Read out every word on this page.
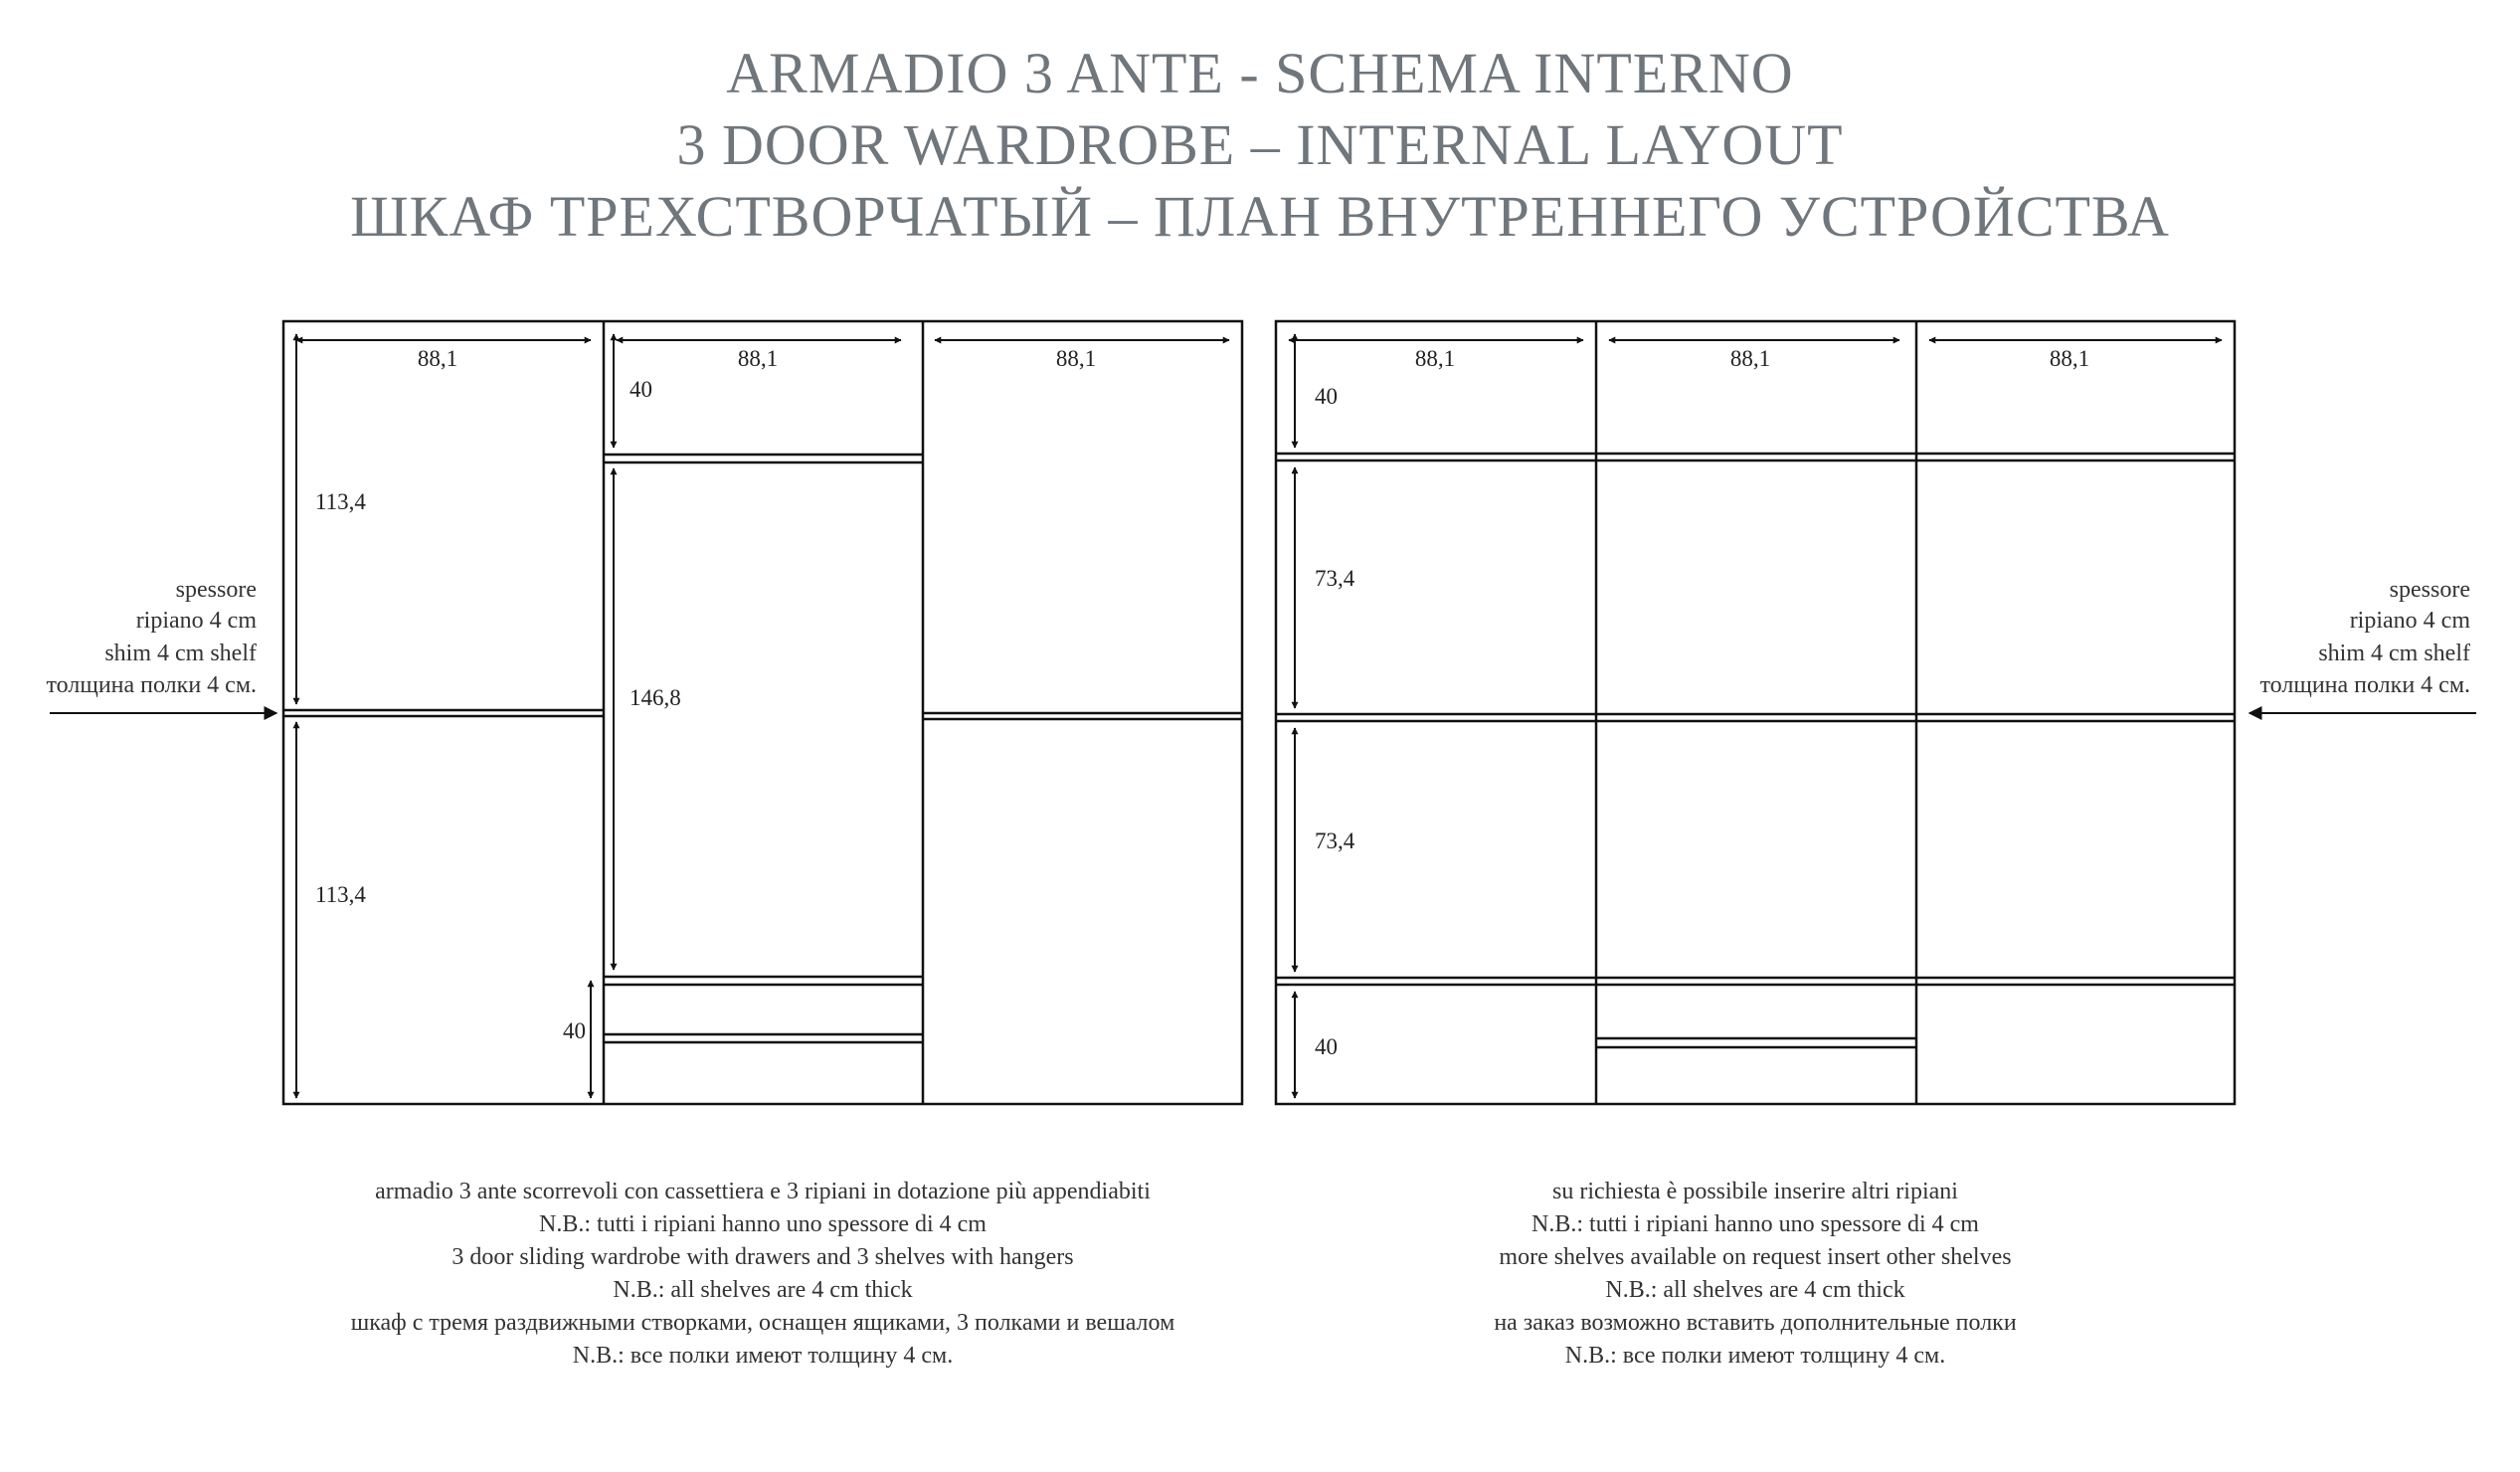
ARMADIO 3 ANTE - SCHEMA INTERNO
3 DOOR WARDROBE – INTERNAL LAYOUT
ШКАФ ТРЕХСТВОРЧАТЫЙ – ПЛАН ВНУТРЕННЕГО УСТРОЙСТВА
88,1	88,1	88,1
113,4
113,4
40
146,8
40
88,1	88,1	88,1
40
73,4
73,4
40
spessore
ripiano 4 cm
shim 4 cm shelf
толщина полки 4 см.
spessore
ripiano 4 cm
shim 4 cm shelf
толщина полки 4 см.
armadio 3 ante scorrevoli con cassettiera e 3 ripiani in dotazione più appendiabiti
N.B.: tutti i ripiani hanno uno spessore di 4 cm
3 door sliding wardrobe with drawers and 3 shelves with hangers
N.B.: all shelves are 4 cm thick
шкаф с тремя раздвижными створками, оснащен ящиками, 3 полками и вешалом
N.B.: все полки имеют толщину 4 см.
su richiesta è possibile inserire altri ripiani
N.B.: tutti i ripiani hanno uno spessore di 4 cm
more shelves available on request insert other shelves
N.B.: all shelves are 4 cm thick
на заказ возможно вставить дополнительные полки
N.B.: все полки имеют толщину 4 см.
